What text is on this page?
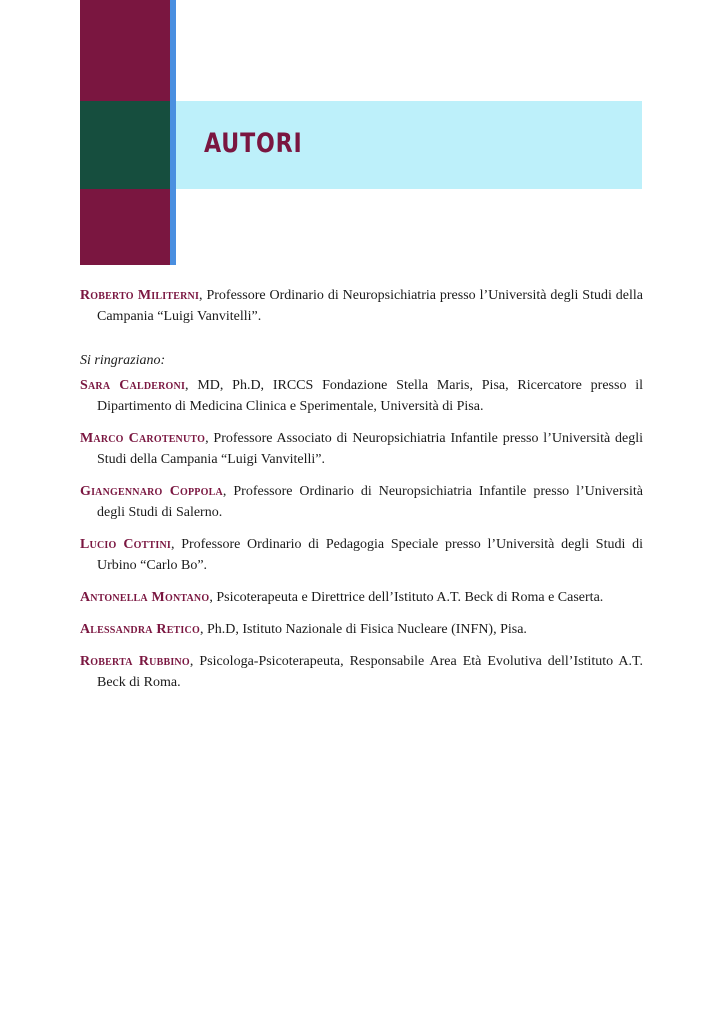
AUTORI

Roberto Militerni, Professore Ordinario di Neuropsichiatria presso l’Università degli Studi della Campania “Luigi Vanvitelli”.

Si ringraziano:

Sara Calderoni, MD, Ph.D, IRCCS Fondazione Stella Maris, Pisa, Ricercatore presso il Dipartimento di Medicina Clinica e Sperimentale, Università di Pisa.

Marco Carotenuto, Professore Associato di Neuropsichiatria Infantile presso l’Università degli Studi della Campania “Luigi Vanvitelli”.

Giangennaro Coppola, Professore Ordinario di Neuropsichiatria Infantile presso l’Università degli Studi di Salerno.

Lucio Cottini, Professore Ordinario di Pedagogia Speciale presso l’Università degli Studi di Urbino “Carlo Bo”.

Antonella Montano, Psicoterapeuta e Direttrice dell’Istituto A.T. Beck di Roma e Caserta.

Alessandra Retico, Ph.D, Istituto Nazionale di Fisica Nucleare (INFN), Pisa.

Roberta Rubbino, Psicologa-Psicoterapeuta, Responsabile Area Età Evolutiva dell’Istituto A.T. Beck di Roma.
